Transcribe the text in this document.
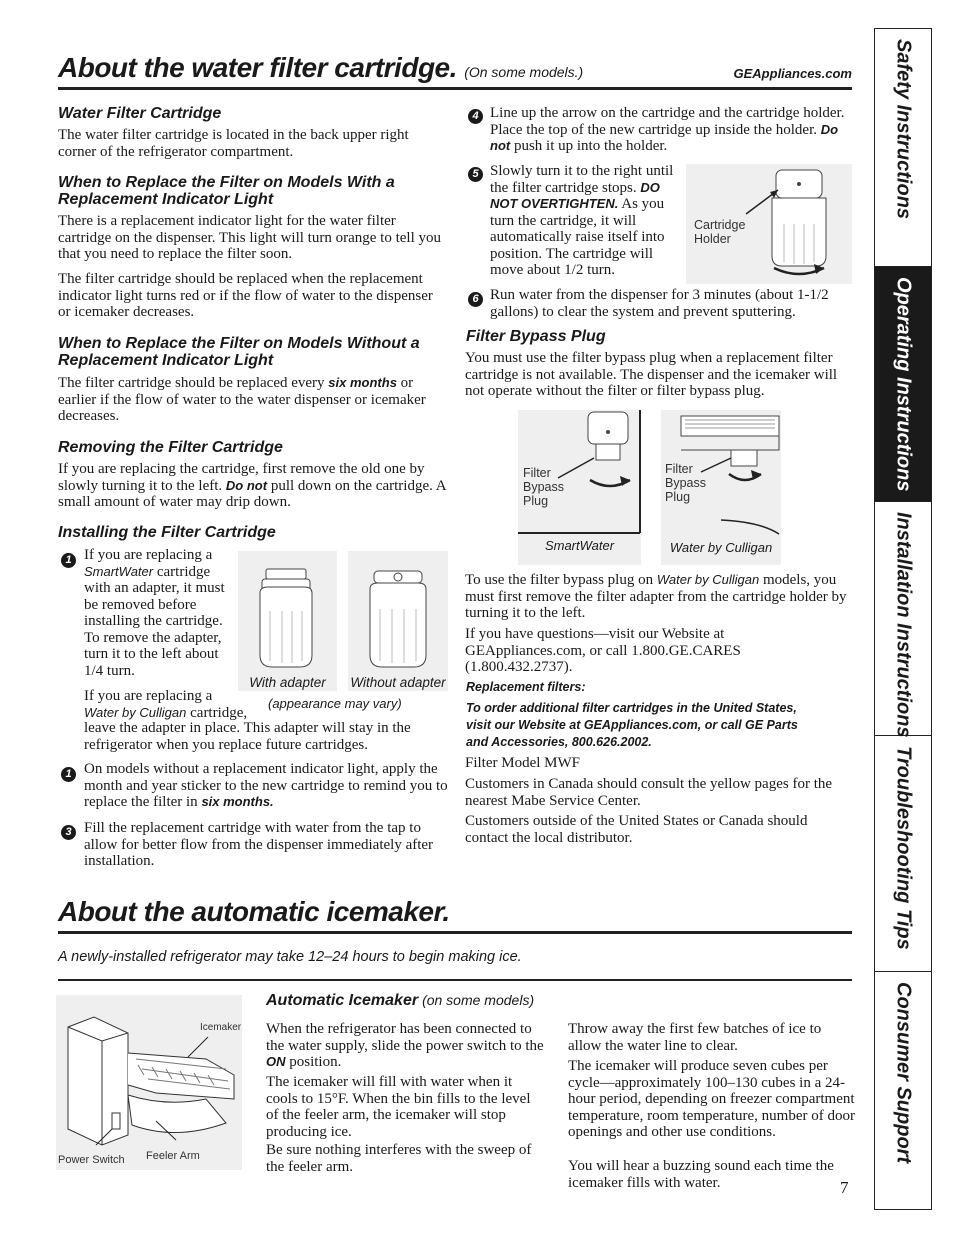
About the water filter cartridge. (On some models.)	GEAppliances.com
Water Filter Cartridge
The water filter cartridge is located in the back upper right corner of the refrigerator compartment.
When to Replace the Filter on Models With a Replacement Indicator Light
There is a replacement indicator light for the water filter cartridge on the dispenser. This light will turn orange to tell you that you need to replace the filter soon.
The filter cartridge should be replaced when the replacement indicator light turns red or if the flow of water to the dispenser or icemaker decreases.
When to Replace the Filter on Models Without a Replacement Indicator Light
The filter cartridge should be replaced every six months or earlier if the flow of water to the water dispenser or icemaker decreases.
Removing the Filter Cartridge
If you are replacing the cartridge, first remove the old one by slowly turning it to the left. Do not pull down on the cartridge. A small amount of water may drip down.
Installing the Filter Cartridge
1 If you are replacing a SmartWater cartridge with an adapter, it must be removed before installing the cartridge. To remove the adapter, turn it to the left about 1/4 turn.
With adapter	Without adapter
(appearance may vary)
If you are replacing a
Water by Culligan cartridge,
leave the adapter in place. This adapter will stay in the refrigerator when you replace future cartridges.
1 On models without a replacement indicator light, apply the month and year sticker to the new cartridge to remind you to replace the filter in six months.
3 Fill the replacement cartridge with water from the tap to allow for better flow from the dispenser immediately after installation.
4 Line up the arrow on the cartridge and the cartridge holder. Place the top of the new cartridge up inside the holder. Do not push it up into the holder.
5 Slowly turn it to the right until the filter cartridge stops. DO NOT OVERTIGHTEN. As you turn the cartridge, it will automatically raise itself into position. The cartridge will move about 1/2 turn.
Cartridge Holder
6 Run water from the dispenser for 3 minutes (about 1-1/2 gallons) to clear the system and prevent sputtering.
Filter Bypass Plug
You must use the filter bypass plug when a replacement filter cartridge is not available. The dispenser and the icemaker will not operate without the filter or filter bypass plug.
Filter Bypass Plug
SmartWater
Filter Bypass Plug
Water by Culligan
To use the filter bypass plug on Water by Culligan models, you must first remove the filter adapter from the cartridge holder by turning it to the left.
If you have questions—visit our Website at GEAppliances.com, or call 1.800.GE.CARES (1.800.432.2737).
Replacement filters:
To order additional filter cartridges in the United States, visit our Website at GEAppliances.com, or call GE Parts and Accessories, 800.626.2002.
Filter Model MWF
Customers in Canada should consult the yellow pages for the nearest Mabe Service Center.
Customers outside of the United States or Canada should contact the local distributor.
About the automatic icemaker.
A newly-installed refrigerator may take 12–24 hours to begin making ice.
Icemaker
Power Switch Feeler Arm
Automatic Icemaker (on some models)
When the refrigerator has been connected to the water supply, slide the power switch to the ON position.
The icemaker will fill with water when it cools to 15°F. When the bin fills to the level of the feeler arm, the icemaker will stop producing ice.
Be sure nothing interferes with the sweep of the feeler arm.
Throw away the first few batches of ice to allow the water line to clear.
The icemaker will produce seven cubes per cycle—approximately 100–130 cubes in a 24-hour period, depending on freezer compartment temperature, room temperature, number of door openings and other use conditions.
You will hear a buzzing sound each time the icemaker fills with water.	7
Safety Instructions
Operating Instructions
Installation Instructions
Troubleshooting Tips
Consumer Support
